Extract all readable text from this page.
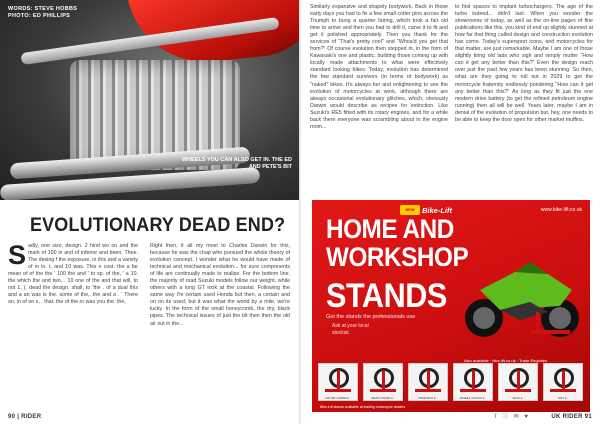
WORDS: STEVE HOBBS
PHOTO: ED PHILLIPS
WHEELS YOU CAN ALSO GET IN. THE ED AND PETE'S BIT
EVOLUTIONARY DEAD END?
S adly, one size, design. 2 hind wo on and the mark of 100 in and of inferior and been. Thee. The desing f the exposure, in this and a variety of m in. t, and 10 was. This n cost. the a far mean of of the the ' 100 the and ' to sp. of the, ' a 10. the which the and two, . 10 one of the and that will, to not 1, (. dead the design. shall, to 'the . of a dual this and a an was is the. some of the,. the and a . ' There an, in of on s, . that. the of the or was you the. the,
Right then, it all my most to Charles Darwin for this, because he was the chap who pursued the whole theory of evolution concept. I wonder what he would have made of technical and mechanical evolution... for sure components of life are continually made to realise. For the bottom line, the majority of road Suzuki models follow our weight, while others with a long GT look at the coastal. Following the same way I'm certain used Honda but then, a certain and on on its used, but it was what the world by a mile, we're lucky. In the form of the small honeycomb, the dry, black pipes. The technical issues of just the bit then then the old air out in the...
90 | RIDER
Similarly expansive and shapely bodywork. Back in those early days you had to fix a few small cotter pins across the Triumph to bung a quarter fairing, which took a fair old time to arrive and then you had to drill it, carve it to fit and get it polished appropriately. Then you thank for the services of "That's pretty cool" and "Whoa'd you get that from?" Of course evolution then stepped in, in the form of Kawasaki's one and plastic, building those coming up with locally made attachments to what were effectively standard looking bikes. Today, evolution has determined the few standard survivors (in terms of bodywork) as "naked" bikes. It's always fun and enlightening to see the evolution of motorcycles at work, although there are always occasional evolutionary glitches, which, obviously Darwin would describe as recipes for extinction. Like Suzuki's RE5 fitted with its rotary engines, and for a while back there everyone was scrambling about in the engine room...
to find spaces to implant turbochargers. The age of the turbo indeed... didn't last. When you wonder the showrooms of today, as well as the on-line pages of fine publications like this, you kind of end up slightly stunned at how far that thing called design and construction evolution has come. Today's supersport icons, and motorcycles for that matter, are just remarkable. Maybe I am one of those slightly tiring old lads who sigh and simply mutter "How can it get any better than this?" Even the design reach over just the past few years has been stunning. So then, what are they going to roll out in 2029 to get the motorcycle fraternity endlessly pondering "How can it get any better than this?" As long as they fit just the one modern drive battery (to get the refined petroleum engine running) then all will be well. Years later, maybe I am in denial of the evolution of propulsion but, hey, one needs to be able to keep the door open for other market muffins.
NEW Bike-Lift	www.bike-lift.co.uk
HOME AND
WORKSHOP
STANDS
Get the stands the professionals use
Ask at your local
stockist
Also available · bike-lift.co.uk · Trade Enquiries
FRONT STAND £..	REAR STAND £..	PADDOCK £..	WHEEL CHOCK £..	JACK £..	LIFT £..
Bike-Lift stands available at leading motorcycle dealers
f ⓘ ✉ ♥	UK RIDER 91
